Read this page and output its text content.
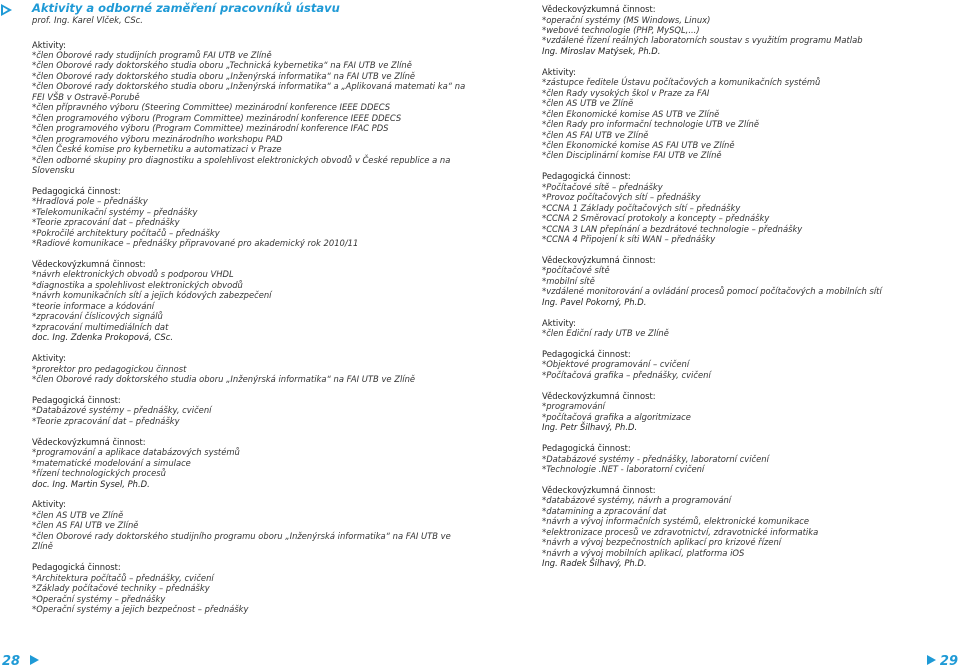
Aktivity a odborné zaměření pracovníků ústavu
prof. Ing. Karel Vlček, CSc.
Aktivity:
*člen Oborové rady studijních programů FAI UTB ve Zlíně
*člen Oborové rady doktorského studia oboru „Technická kybernetika“ na FAI UTB ve Zlíně
*člen Oborové rady doktorského studia oboru „Inženýrská informatika“ na FAI UTB ve Zlíně
*člen Oborové rady doktorského studia oboru „Inženýrská informatika“ a „Aplikovaná matemati ka“ na FEI VŠB v Ostravě-Porubě
*člen přípravného výboru (Steering Committee) mezinárodní konference IEEE DDECS
*člen programového výboru (Program Committee) mezinárodní konference IEEE DDECS
*člen programového výboru (Program Committee) mezinárodní konference IFAC PDS
*člen programového výboru mezinárodního workshopu PAD
*člen České komise pro kybernetiku a automatizaci v Praze
*člen odborné skupiny pro diagnostiku a spolehlivost elektronických obvodů v České republice a na Slovensku
Pedagogická činnost:
*Hradlová pole – přednášky
*Telekomunikační systémy – přednášky
*Teorie zpracování dat – přednášky
*Pokročilé architektury počítačů – přednášky
*Radiové komunikace – přednášky připravované pro akademický rok 2010/11
Vědeckovýzkumná činnost:
*návrh elektronických obvodů s podporou VHDL
*diagnostika a spolehlivost elektronických obvodů
*návrh komunikačních sítí a jejich kódových zabezpečení
*teorie informace a kódování
*zpracování číslicových signálů
*zpracování multimediálních dat
doc. Ing. Zdenka Prokopová, CSc.
Aktivity:
*prorektor pro pedagogickou činnost
*člen Oborové rady doktorského studia oboru „Inženýrská informatika“ na FAI UTB ve Zlíně
Pedagogická činnost:
*Databázové systémy – přednášky, cvičení
*Teorie zpracování dat – přednášky
Vědeckovýzkumná činnost:
*programování a aplikace databázových systémů
*matematické modelování a simulace
*řízení technologických procesů
doc. Ing. Martin Sysel, Ph.D.
Aktivity:
*člen AS UTB ve Zlíně
*člen AS FAI UTB ve Zlíně
*člen Oborové rady doktorského studijního programu oboru „Inženýrská informatika“ na FAI UTB ve Zlíně
Pedagogická činnost:
*Architektura počítačů – přednášky, cvičení
*Základy počítačové techniky – přednášky
*Operační systémy – přednášky
*Operační systémy a jejich bezpečnost – přednášky
Vědeckovýzkumná činnost:
*operační systémy (MS Windows, Linux)
*webové technologie (PHP, MySQL,...)
*vzdálené řízení reálných laboratorních soustav s využitím programu Matlab
Ing. Miroslav Matýsek, Ph.D.
Aktivity:
*zástupce ředitele Ústavu počítačových a komunikačních systémů
*člen Rady vysokých škol v Praze za FAI
*člen AS UTB ve Zlíně
*člen Ekonomické komise AS UTB ve Zlíně
*člen Rady pro informační technologie UTB ve Zlíně
*člen AS FAI UTB ve Zlíně
*člen Ekonomické komise AS FAI UTB ve Zlíně
*člen Disciplinární komise FAI UTB ve Zlíně
Pedagogická činnost:
*Počítačové sítě – přednášky
*Provoz počítačových sítí – přednášky
*CCNA 1 Základy počítačových sítí – přednášky
*CCNA 2 Směrovací protokoly a koncepty – přednášky
*CCNA 3 LAN přepínání a bezdrátové technologie – přednášky
*CCNA 4 Připojení k síti WAN – přednášky
Vědeckovýzkumná činnost:
*počítačové sítě
*mobilní sítě
*vzdálené monitorování a ovládání procesů pomocí počítačových a mobilních sítí
Ing. Pavel Pokorný, Ph.D.
Aktivity:
*člen Ediční rady UTB ve Zlíně
Pedagogická činnost:
*Objektové programování – cvičení
*Počítačová grafika – přednášky, cvičení
Vědeckovýzkumná činnost:
*programování
*počítačová grafika a algoritmizace
Ing. Petr Šilhavý, Ph.D.
Pedagogická činnost:
*Databázové systémy - přednášky, laboratorní cvičení
*Technologie .NET - laboratorní cvičení
Vědeckovýzkumná činnost:
*databázové systémy, návrh a programování
*datamining a zpracování dat
*návrh a vývoj informačních systémů, elektronické komunikace
*elektronizace procesů ve zdravotnictví, zdravotnické informatika
*návrh a vývoj bezpečnostních aplikací pro krizové řízení
*návrh a vývoj mobilních aplikací, platforma iOS
Ing. Radek Šilhavý, Ph.D.
28	29
